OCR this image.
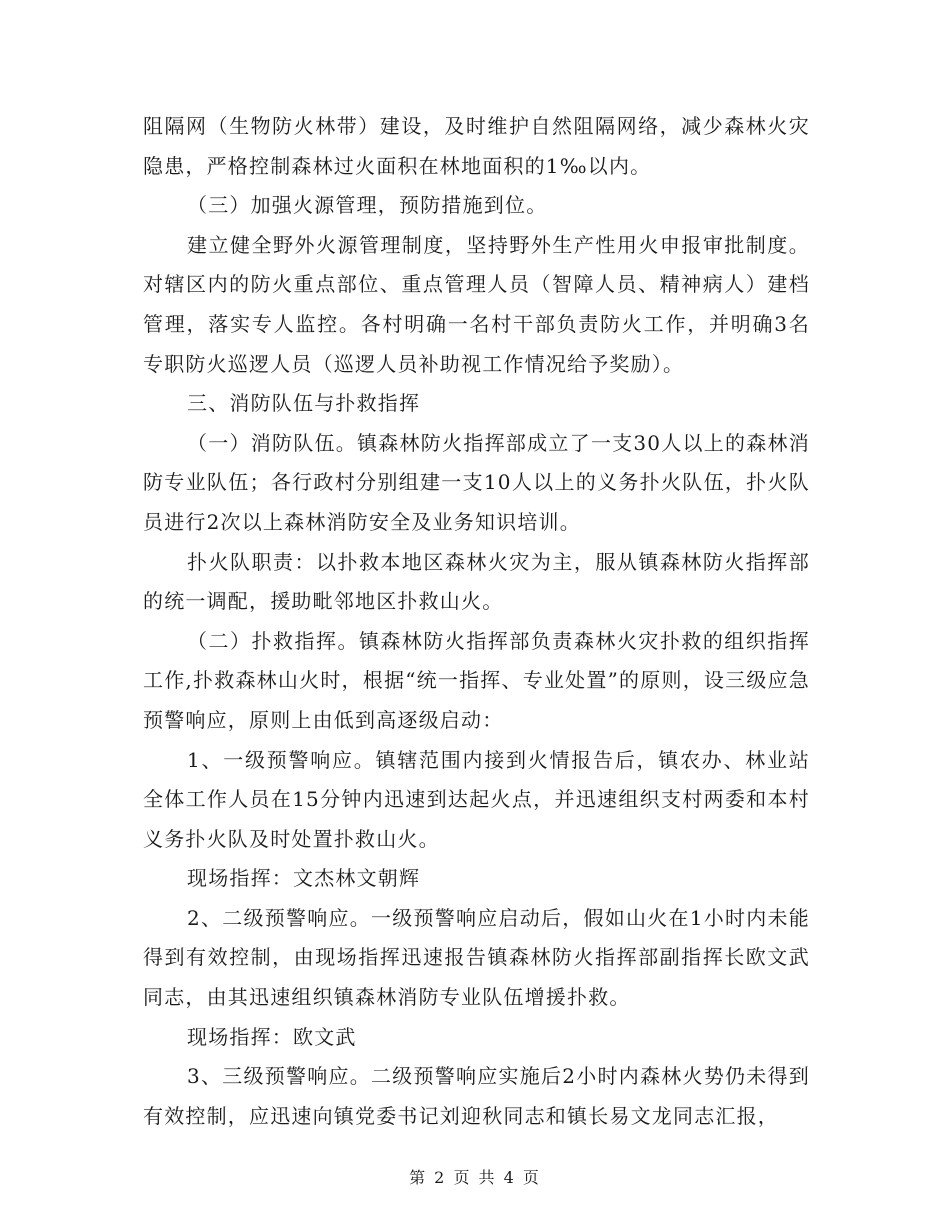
阻隔网（生物防火林带）建设，及时维护自然阻隔网络，减少森林火灾隐患，严格控制森林过火面积在林地面积的1‰以内。

（三）加强火源管理，预防措施到位。

建立健全野外火源管理制度，坚持野外生产性用火申报审批制度。对辖区内的防火重点部位、重点管理人员（智障人员、精神病人）建档管理，落实专人监控。各村明确一名村干部负责防火工作，并明确3名专职防火巡逻人员（巡逻人员补助视工作情况给予奖励）。

三、消防队伍与扑救指挥

（一）消防队伍。镇森林防火指挥部成立了一支30人以上的森林消防专业队伍；各行政村分别组建一支10人以上的义务扑火队伍，扑火队员进行2次以上森林消防安全及业务知识培训。

扑火队职责：以扑救本地区森林火灾为主，服从镇森林防火指挥部的统一调配，援助毗邻地区扑救山火。

（二）扑救指挥。镇森林防火指挥部负责森林火灾扑救的组织指挥工作,扑救森林山火时，根据“统一指挥、专业处置”的原则，设三级应急预警响应，原则上由低到高逐级启动：

1、一级预警响应。镇辖范围内接到火情报告后，镇农办、林业站全体工作人员在15分钟内迅速到达起火点，并迅速组织支村两委和本村义务扑火队及时处置扑救山火。

现场指挥：文杰林文朝辉

2、二级预警响应。一级预警响应启动后，假如山火在1小时内未能得到有效控制，由现场指挥迅速报告镇森林防火指挥部副指挥长欧文武同志，由其迅速组织镇森林消防专业队伍增援扑救。

现场指挥：欧文武

3、三级预警响应。二级预警响应实施后2小时内森林火势仍未得到有效控制，应迅速向镇党委书记刘迎秋同志和镇长易文龙同志汇报，

第 2 页 共 4 页
